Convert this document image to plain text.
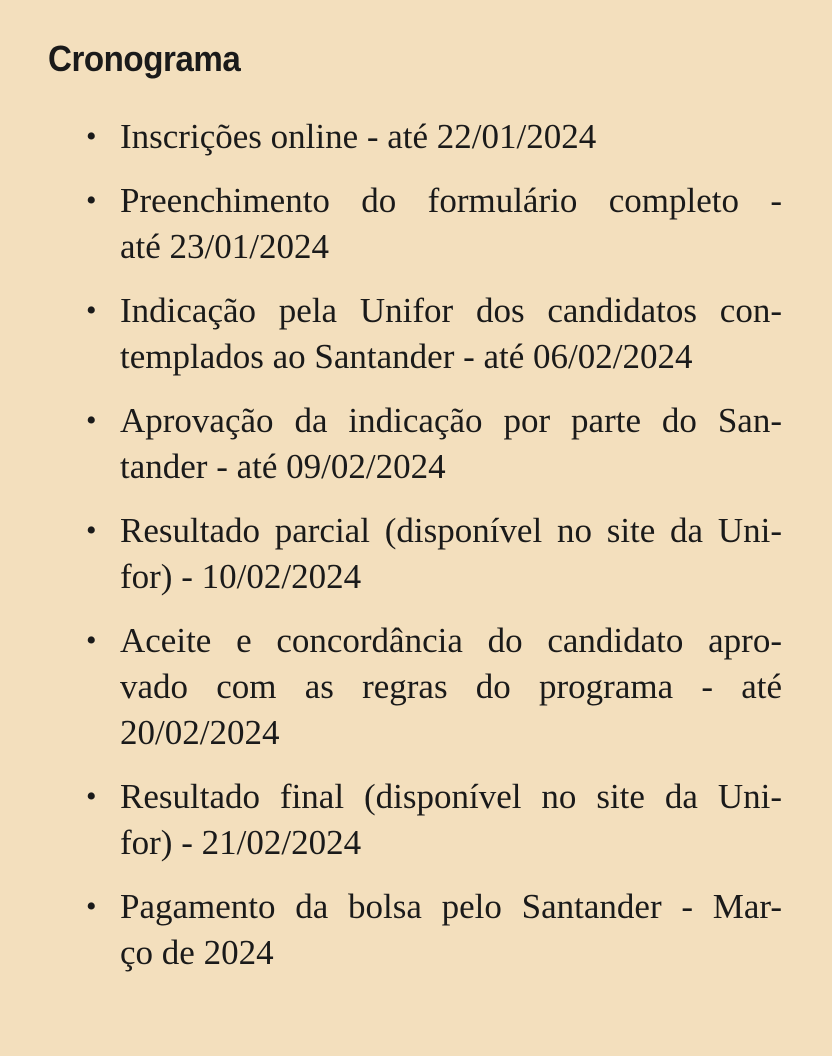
Cronograma
• Inscrições online - até 22/01/2024
• Preenchimento do formulário completo -
até 23/01/2024
• Indicação pela Unifor dos candidatos con-
templados ao Santander - até 06/02/2024
• Aprovação da indicação por parte do San-
tander - até 09/02/2024
• Resultado parcial (disponível no site da Uni-
for) - 10/02/2024
• Aceite e concordância do candidato apro-
vado com as regras do programa - até
20/02/2024
• Resultado final (disponível no site da Uni-
for) - 21/02/2024
• Pagamento da bolsa pelo Santander - Mar-
ço de 2024
